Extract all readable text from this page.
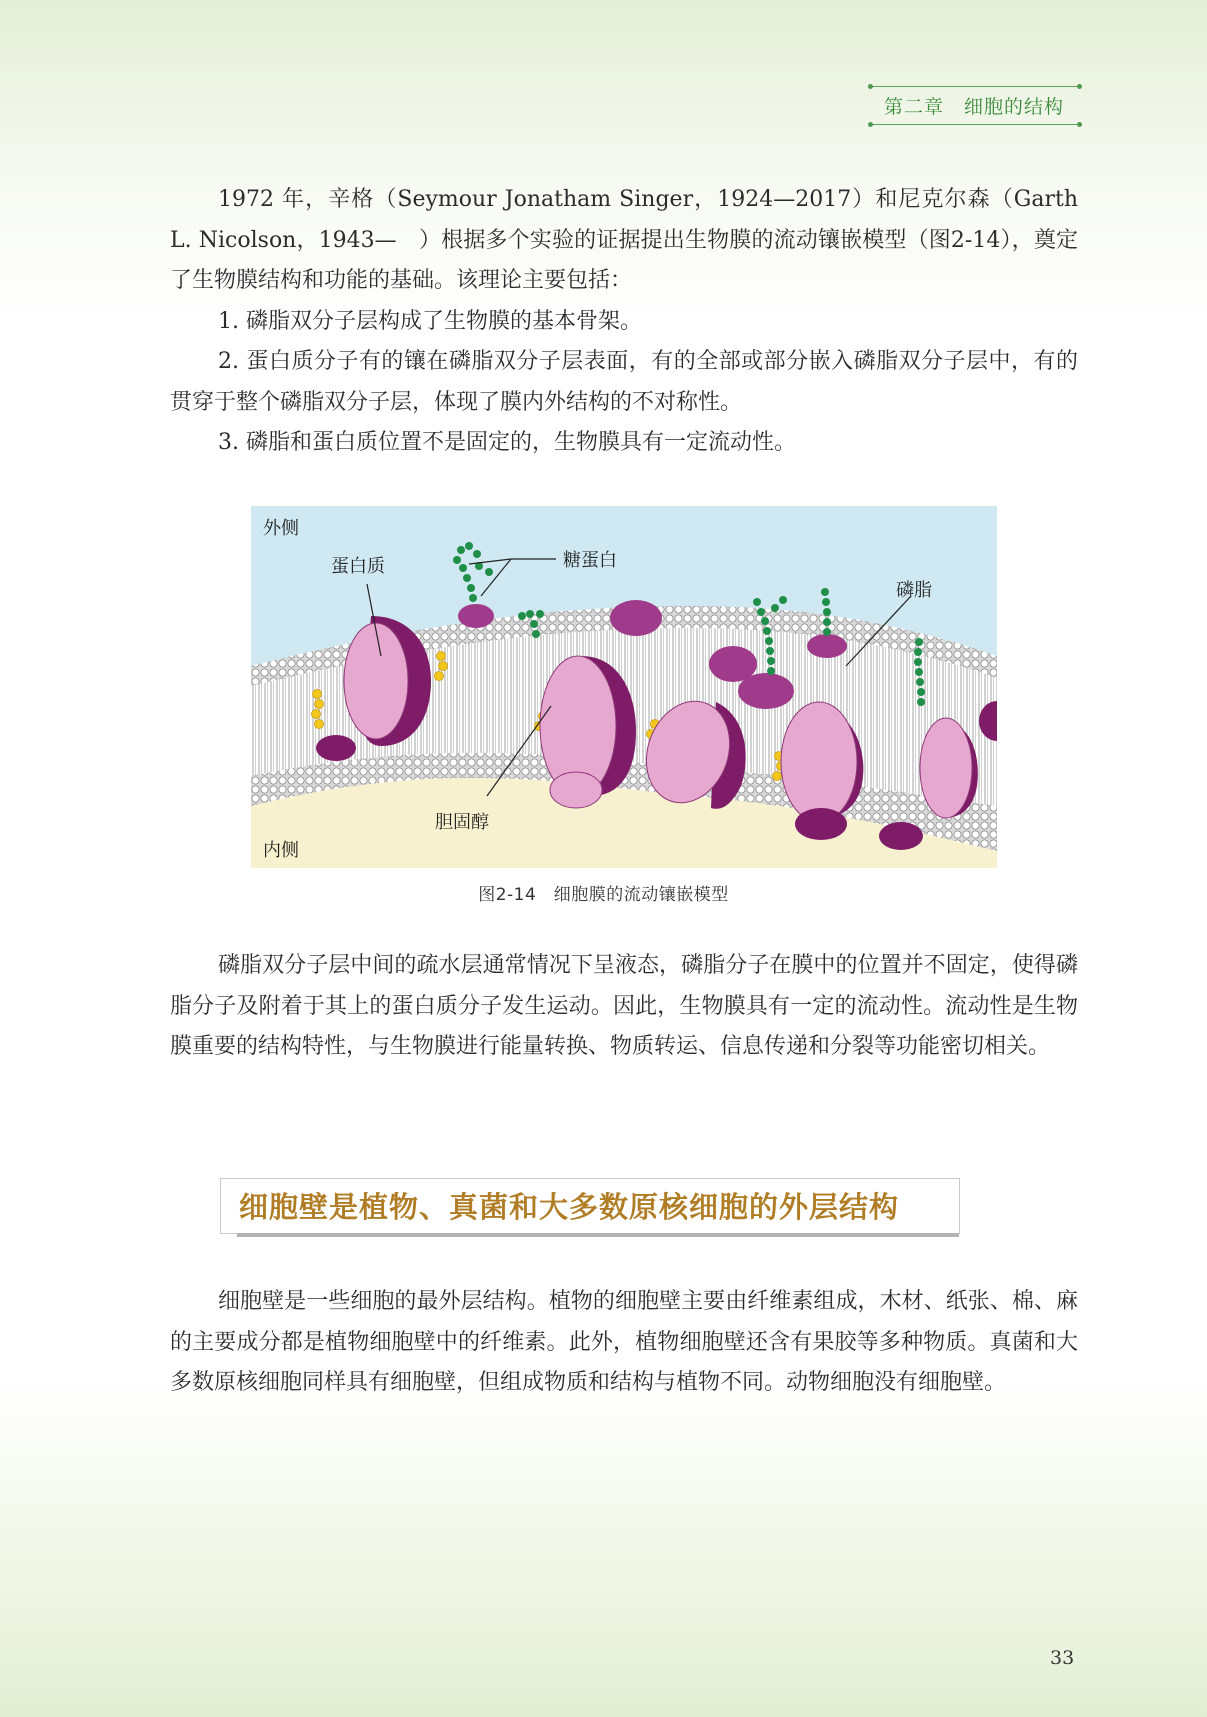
第二章　细胞的结构

1972 年，辛格（Seymour Jonatham Singer，1924—2017）和尼克尔森（Garth L. Nicolson，1943—　）根据多个实验的证据提出生物膜的流动镶嵌模型（图2-14），奠定了生物膜结构和功能的基础。该理论主要包括：

1. 磷脂双分子层构成了生物膜的基本骨架。

2. 蛋白质分子有的镶在磷脂双分子层表面，有的全部或部分嵌入磷脂双分子层中，有的贯穿于整个磷脂双分子层，体现了膜内外结构的不对称性。

3. 磷脂和蛋白质位置不是固定的，生物膜具有一定流动性。

外侧
内侧
蛋白质	糖蛋白
磷脂
胆固醇
图2-14　细胞膜的流动镶嵌模型

磷脂双分子层中间的疏水层通常情况下呈液态，磷脂分子在膜中的位置并不固定，使得磷脂分子及附着于其上的蛋白质分子发生运动。因此，生物膜具有一定的流动性。流动性是生物膜重要的结构特性，与生物膜进行能量转换、物质转运、信息传递和分裂等功能密切相关。

细胞壁是植物、真菌和大多数原核细胞的外层结构

细胞壁是一些细胞的最外层结构。植物的细胞壁主要由纤维素组成，木材、纸张、棉、麻的主要成分都是植物细胞壁中的纤维素。此外，植物细胞壁还含有果胶等多种物质。真菌和大多数原核细胞同样具有细胞壁，但组成物质和结构与植物不同。动物细胞没有细胞壁。

33
